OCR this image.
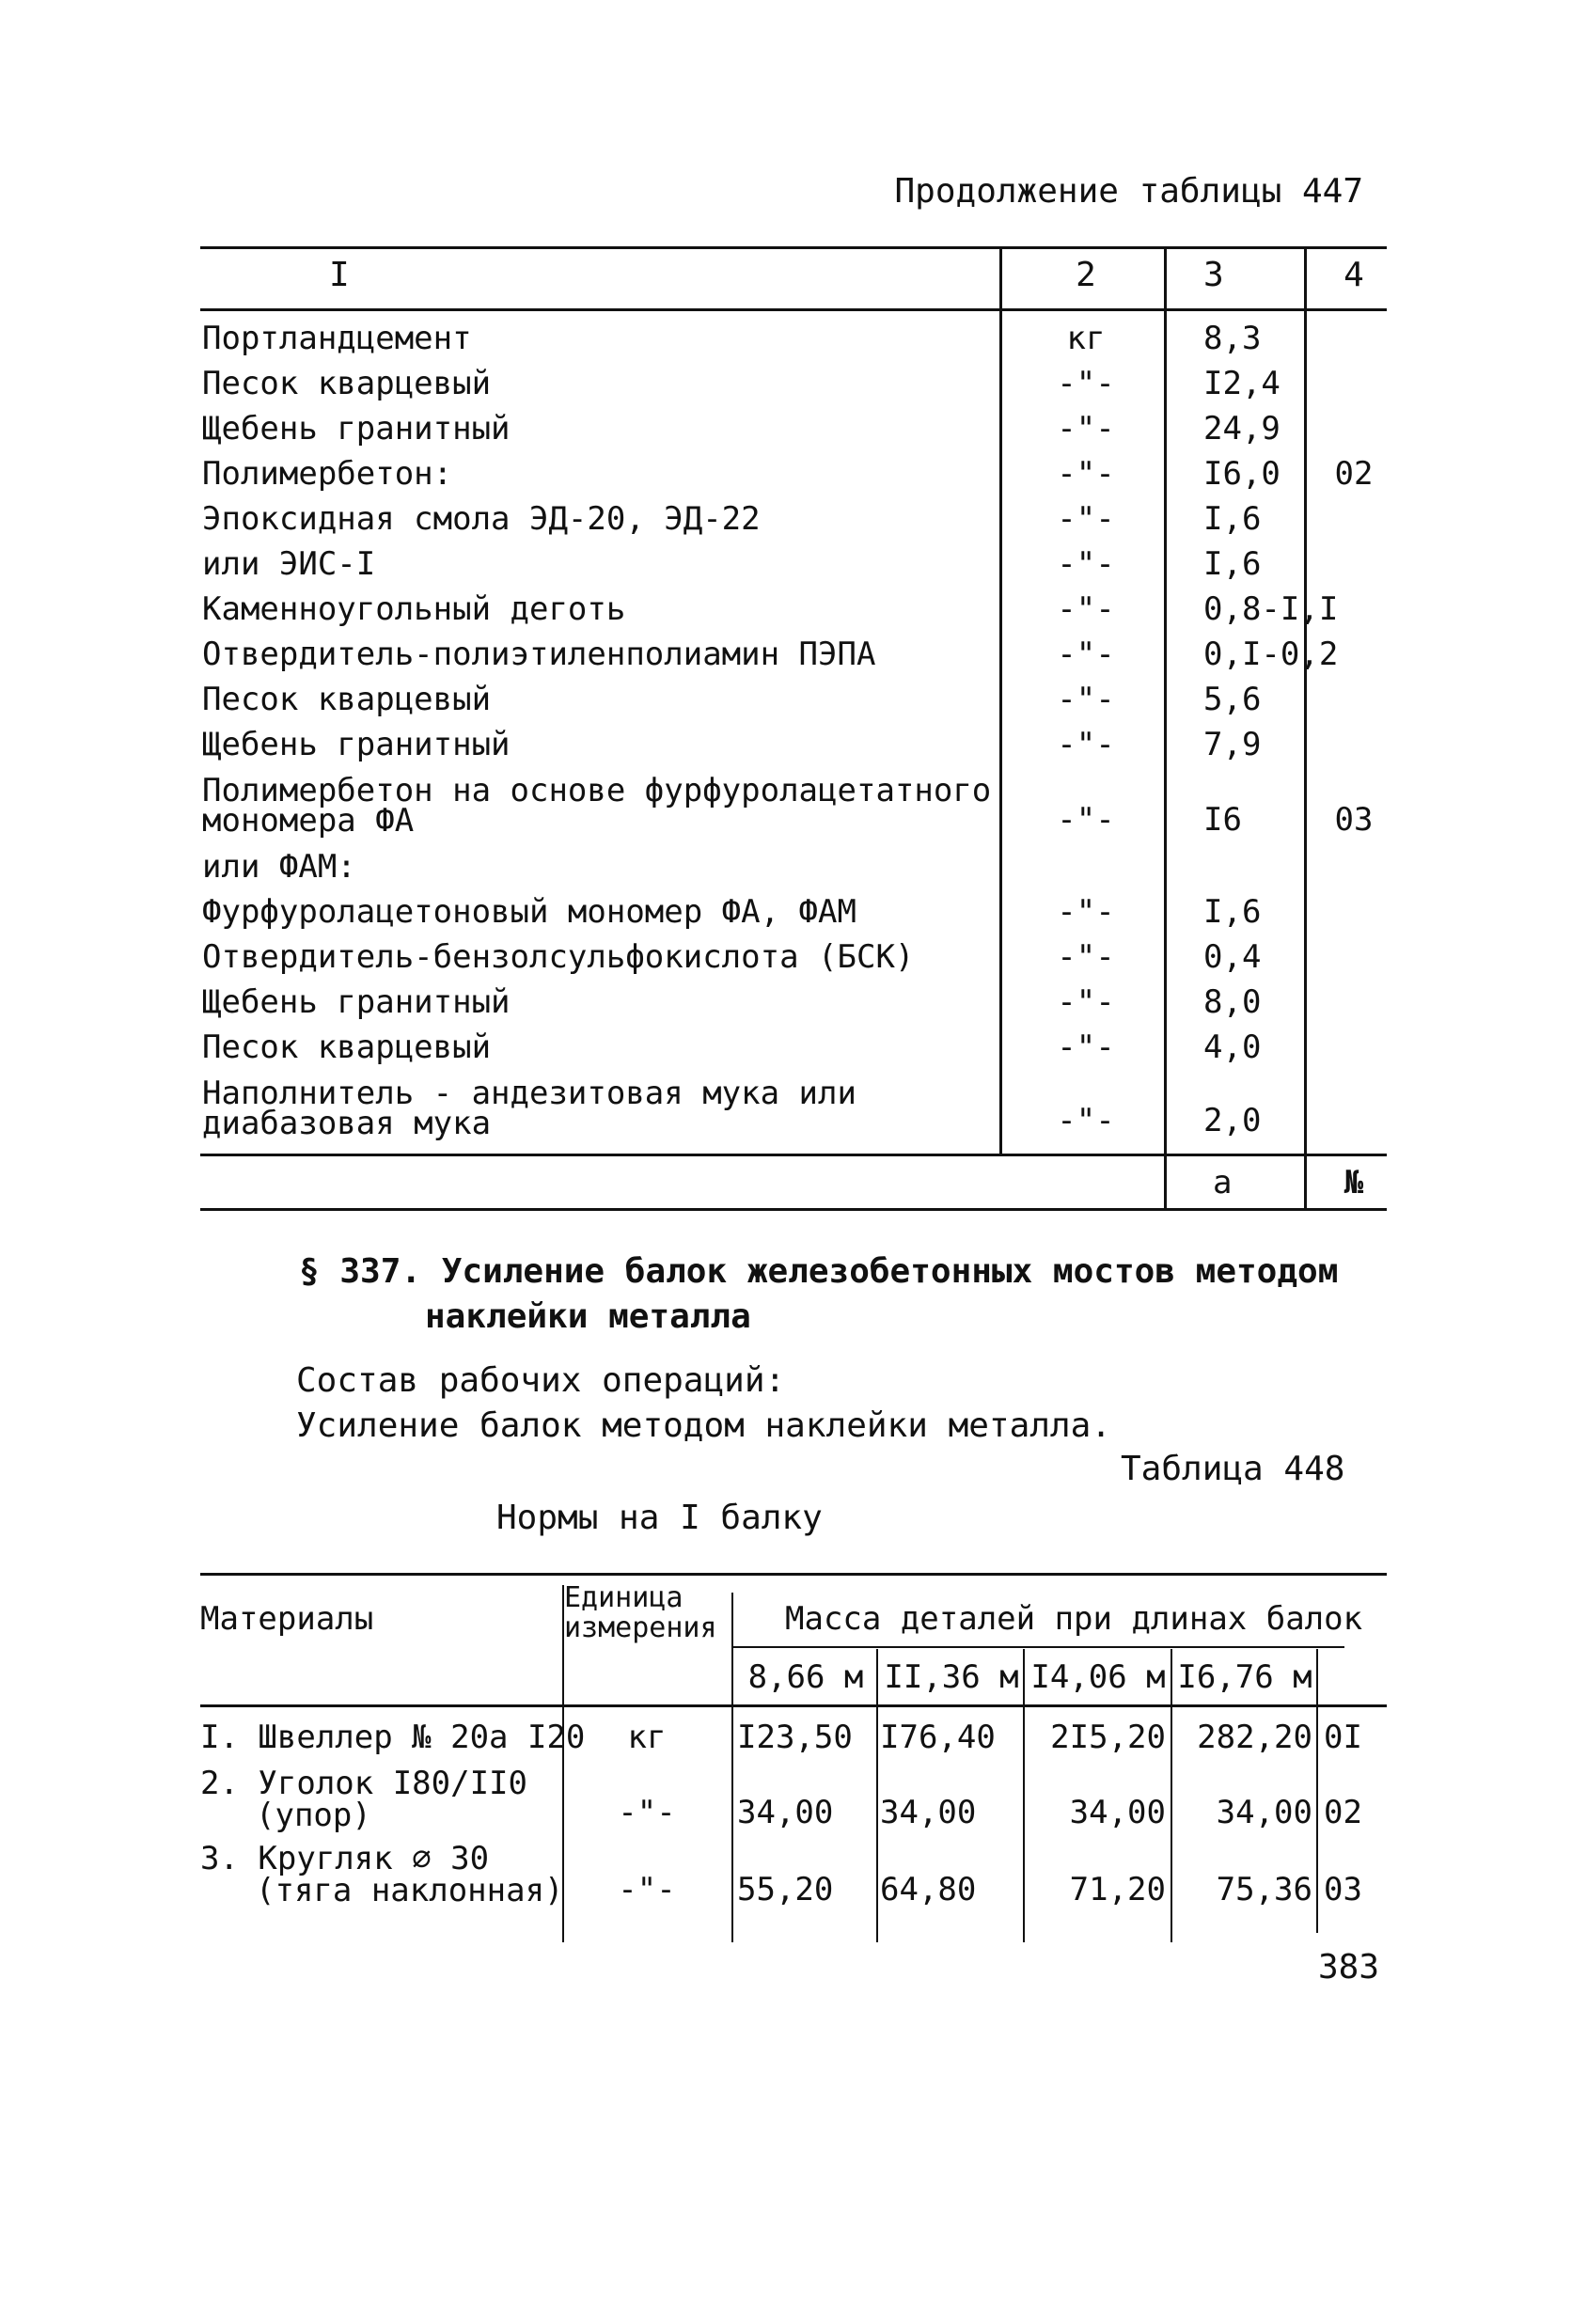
Продолжение таблицы 447
I	2	3	4
Портландцемент	кг	8,3
Песок кварцевый	-"-	I2,4
Щебень гранитный	-"-	24,9
Полимербетон:	-"-	I6,0	02
Эпоксидная смола ЭД-20, ЭД-22	-"-	I,6
или ЭИС-I	-"-	I,6
Каменноугольный деготь	-"-	0,8-I,I
Отвердитель-полиэтиленполиамин ПЭПА	-"-	0,I-0,2
Песок кварцевый	-"-	5,6
Щебень гранитный	-"-	7,9
Полимербетон на основе фурфуролацетатного
мономера ФА	-"-	I6	03
или ФАМ:
Фурфуролацетоновый мономер ФА, ФАМ	-"-	I,6
Отвердитель-бензолсульфокислота (БСК)	-"-	0,4
Щебень гранитный	-"-	8,0
Песок кварцевый	-"-	4,0
Наполнитель - андезитовая мука или
диабазовая мука	-"-	2,0
а	№
§ 337. Усиление балок железобетонных мостов методом
наклейки металла
Состав рабочих операций:
Усиление балок методом наклейки металла.
Таблица 448
Нормы на I балку
Материалы
Единица
измерения Масса деталей при длинах балок
8,66 м II,36 м I4,06 м I6,76 м
I. Швеллер № 20а I20	кг	I23,50 I76,40	2I5,20 282,20 0I
2. Уголок I80/II0
(упор)	-"-	34,00 34,00	34,00	34,00 02
3. Кругляк ∅ 30
(тяга наклонная)	-"-	55,20 64,80	71,20	75,36 03
383
